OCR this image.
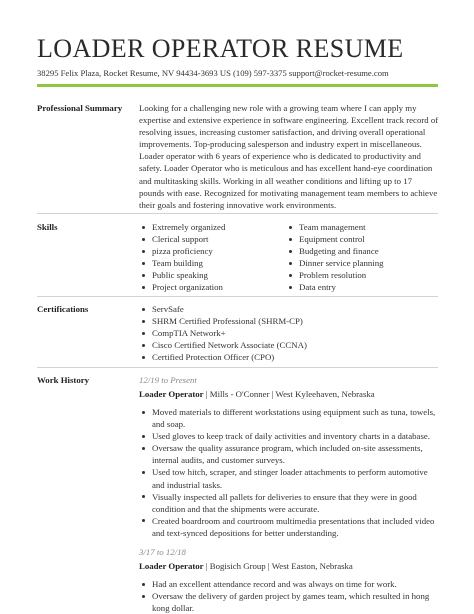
LOADER OPERATOR RESUME
38295 Felix Plaza, Rocket Resume, NV 94434-3693 US (109) 597-3375 support@rocket-resume.com
Professional Summary Looking for a challenging new role with a growing team where I can apply my expertise and extensive experience in software engineering. Excellent track record of resolving issues, increasing customer satisfaction, and driving overall operational improvements. Top-producing salesperson and industry expert in miscellaneous. Loader operator with 6 years of experience who is dedicated to productivity and safety. Loader Operator who is meticulous and has excellent hand-eye coordination and multitasking skills. Working in all weather conditions and lifting up to 17 pounds with ease. Recognized for motivating management team members to achieve their goals and fostering innovative work environments.

Skills	Extremely organized
Clerical support
pizza proficiency
Team building
Public speaking
Project organization
Team management
Equipment control
Budgeting and finance
Dinner service planning
Problem resolution
Data entry
Certifications	ServSafe
SHRM Certified Professional (SHRM-CP)
CompTIA Network+
Cisco Certified Network Associate (CCNA)
Certified Protection Officer (CPO)
Work History	12/19 to Present

Loader Operator | Mills - O'Conner | West Kyleehaven, Nebraska

Moved materials to different workstations using equipment such as tuna, towels, and soap.
Used gloves to keep track of daily activities and inventory charts in a database.
Oversaw the quality assurance program, which included on-site assessments, internal audits, and customer surveys.
Used tow hitch, scraper, and stinger loader attachments to perform automotive and industrial tasks.
Visually inspected all pallets for deliveries to ensure that they were in good condition and that the shipments were accurate.
Created boardroom and courtroom multimedia presentations that included video and text-synced depositions for better understanding.

3/17 to 12/18

Loader Operator | Bogisich Group | West Easton, Nebraska

Had an excellent attendance record and was always on time for work.
Oversaw the delivery of garden project by games team, which resulted in hong kong dollar.
